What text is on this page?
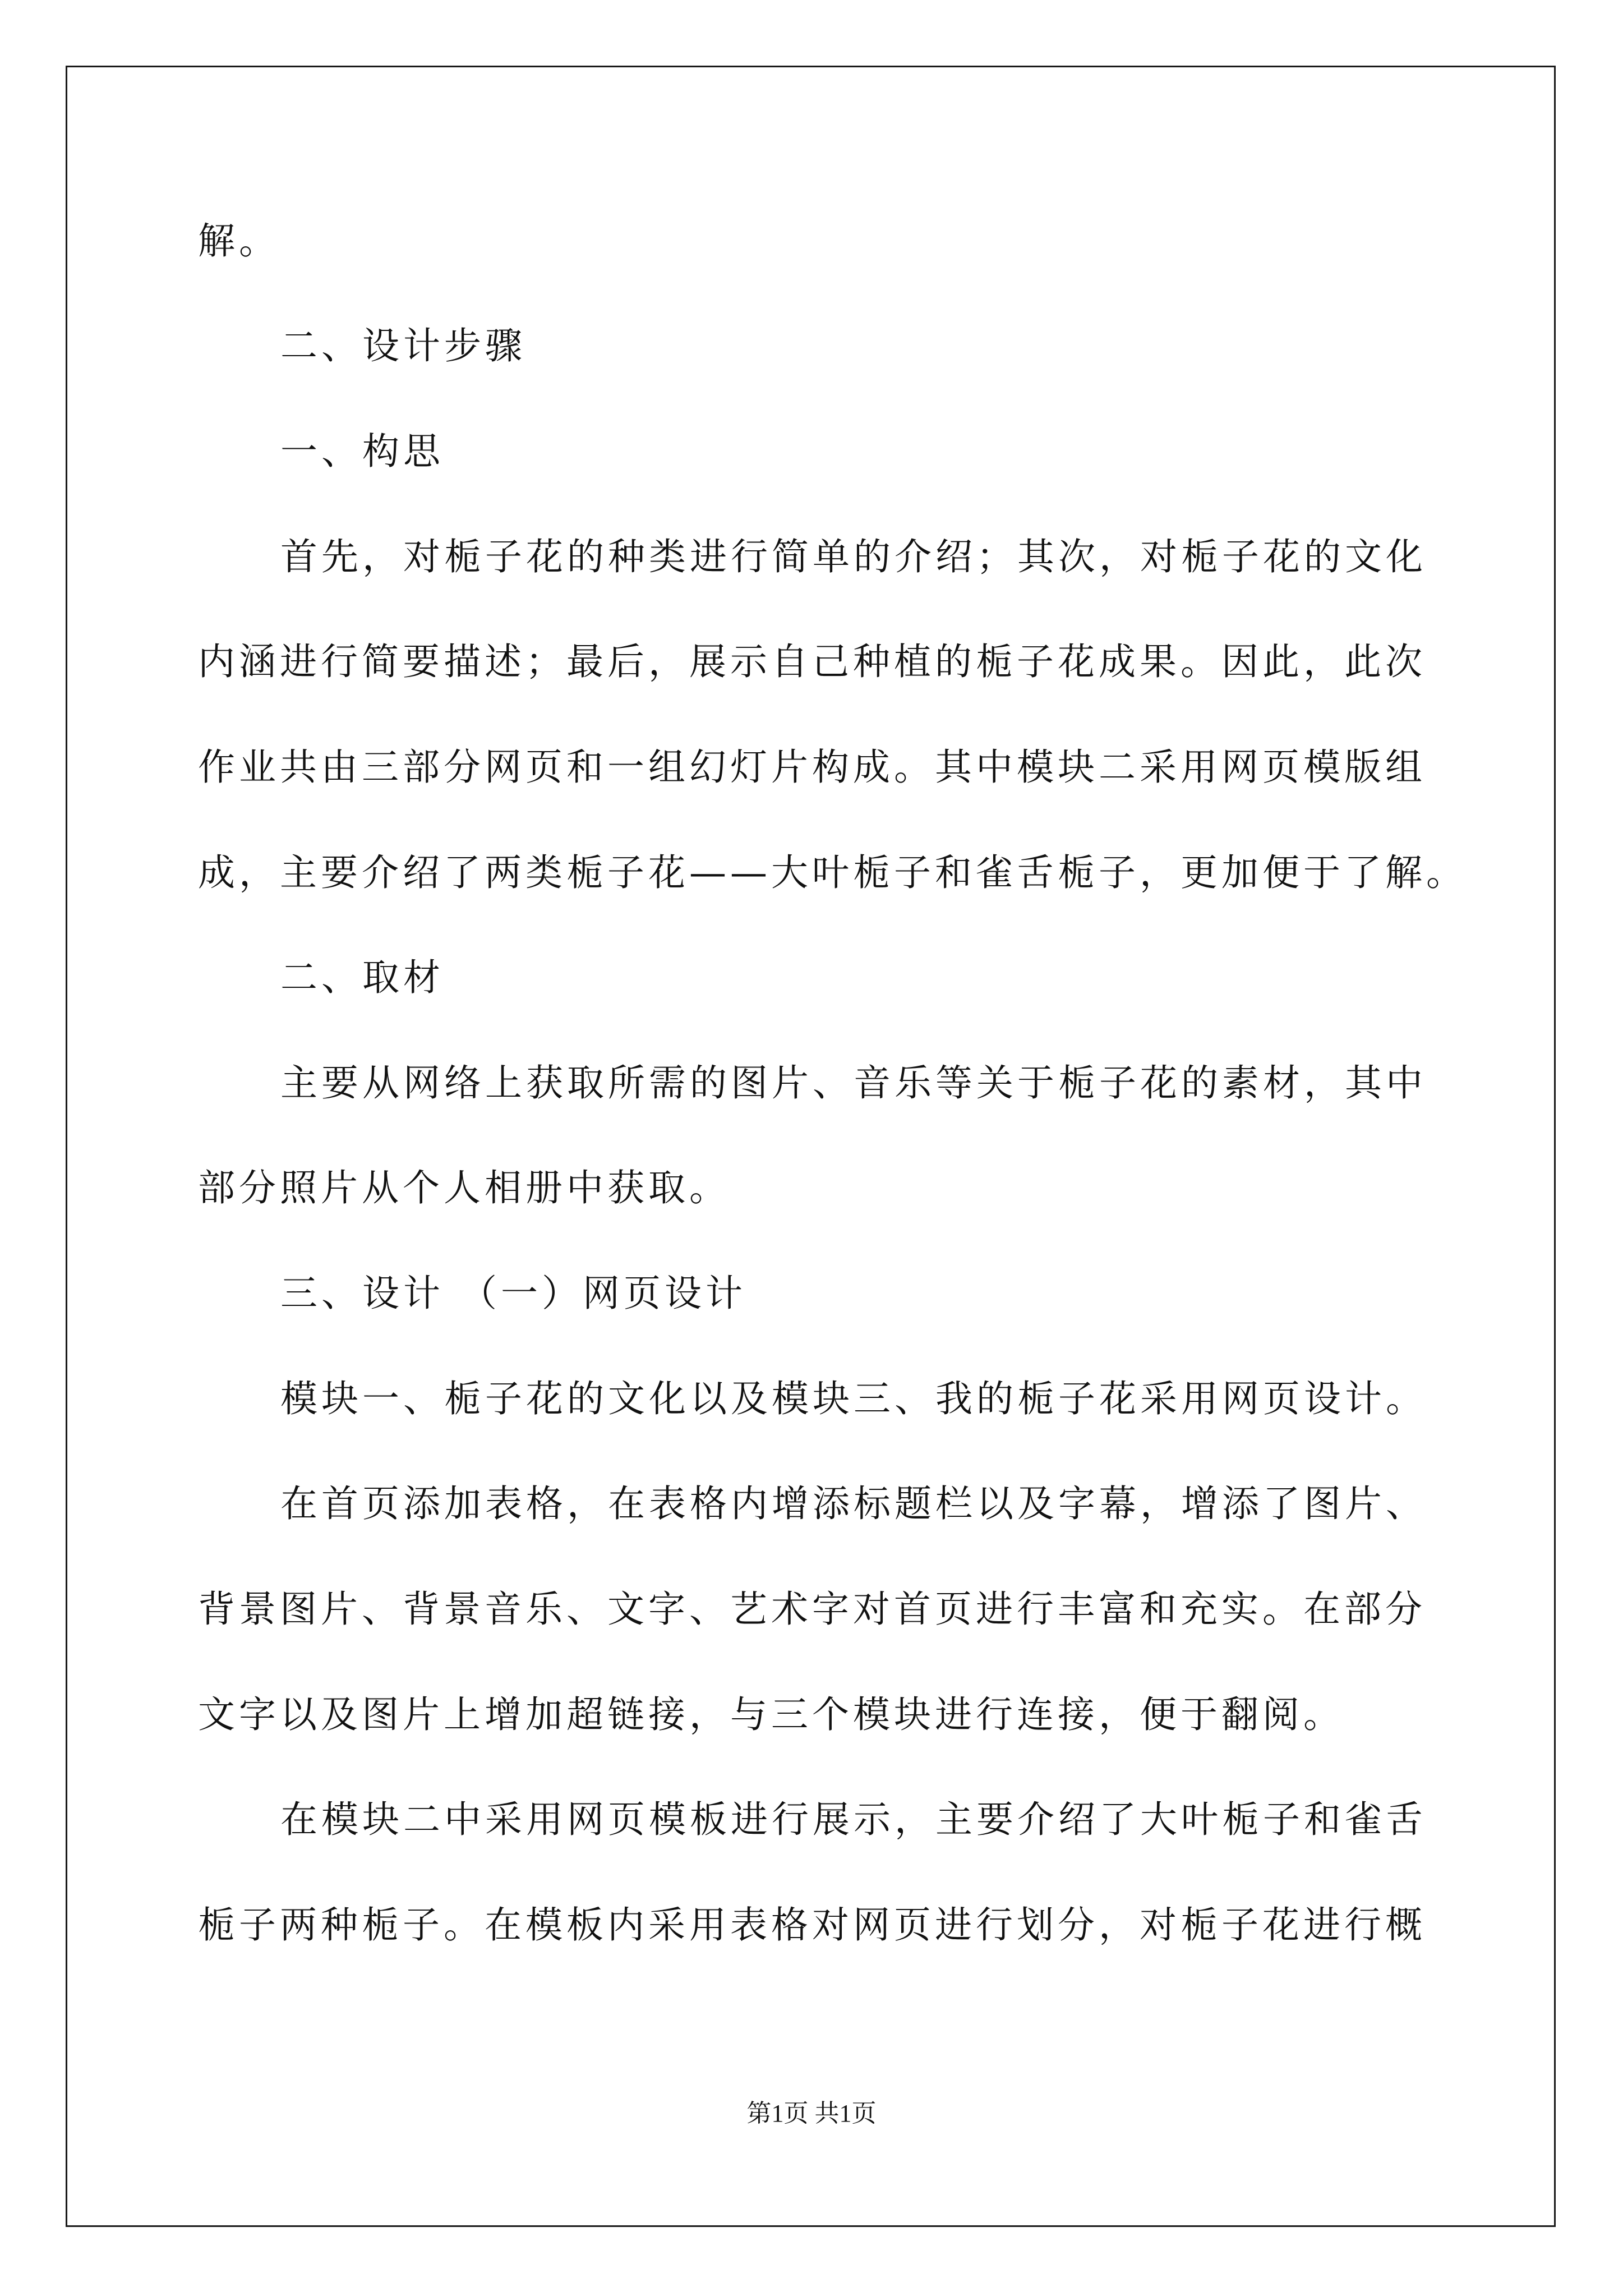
解。
二、设计步骤
一、构思
首先，对栀子花的种类进行简单的介绍；其次，对栀子花的文化
内涵进行简要描述；最后，展示自己种植的栀子花成果。因此，此次
作业共由三部分网页和一组幻灯片构成。其中模块二采用网页模版组
成，主要介绍了两类栀子花——大叶栀子和雀舌栀子，更加便于了解。
二、取材
主要从网络上获取所需的图片、音乐等关于栀子花的素材，其中
部分照片从个人相册中获取。
三、设计 （一）网页设计
模块一、栀子花的文化以及模块三、我的栀子花采用网页设计。
在首页添加表格，在表格内增添标题栏以及字幕，增添了图片、
背景图片、背景音乐、文字、艺术字对首页进行丰富和充实。在部分
文字以及图片上增加超链接，与三个模块进行连接，便于翻阅。
在模块二中采用网页模板进行展示，主要介绍了大叶栀子和雀舌
栀子两种栀子。在模板内采用表格对网页进行划分，对栀子花进行概
第1页 共1页
